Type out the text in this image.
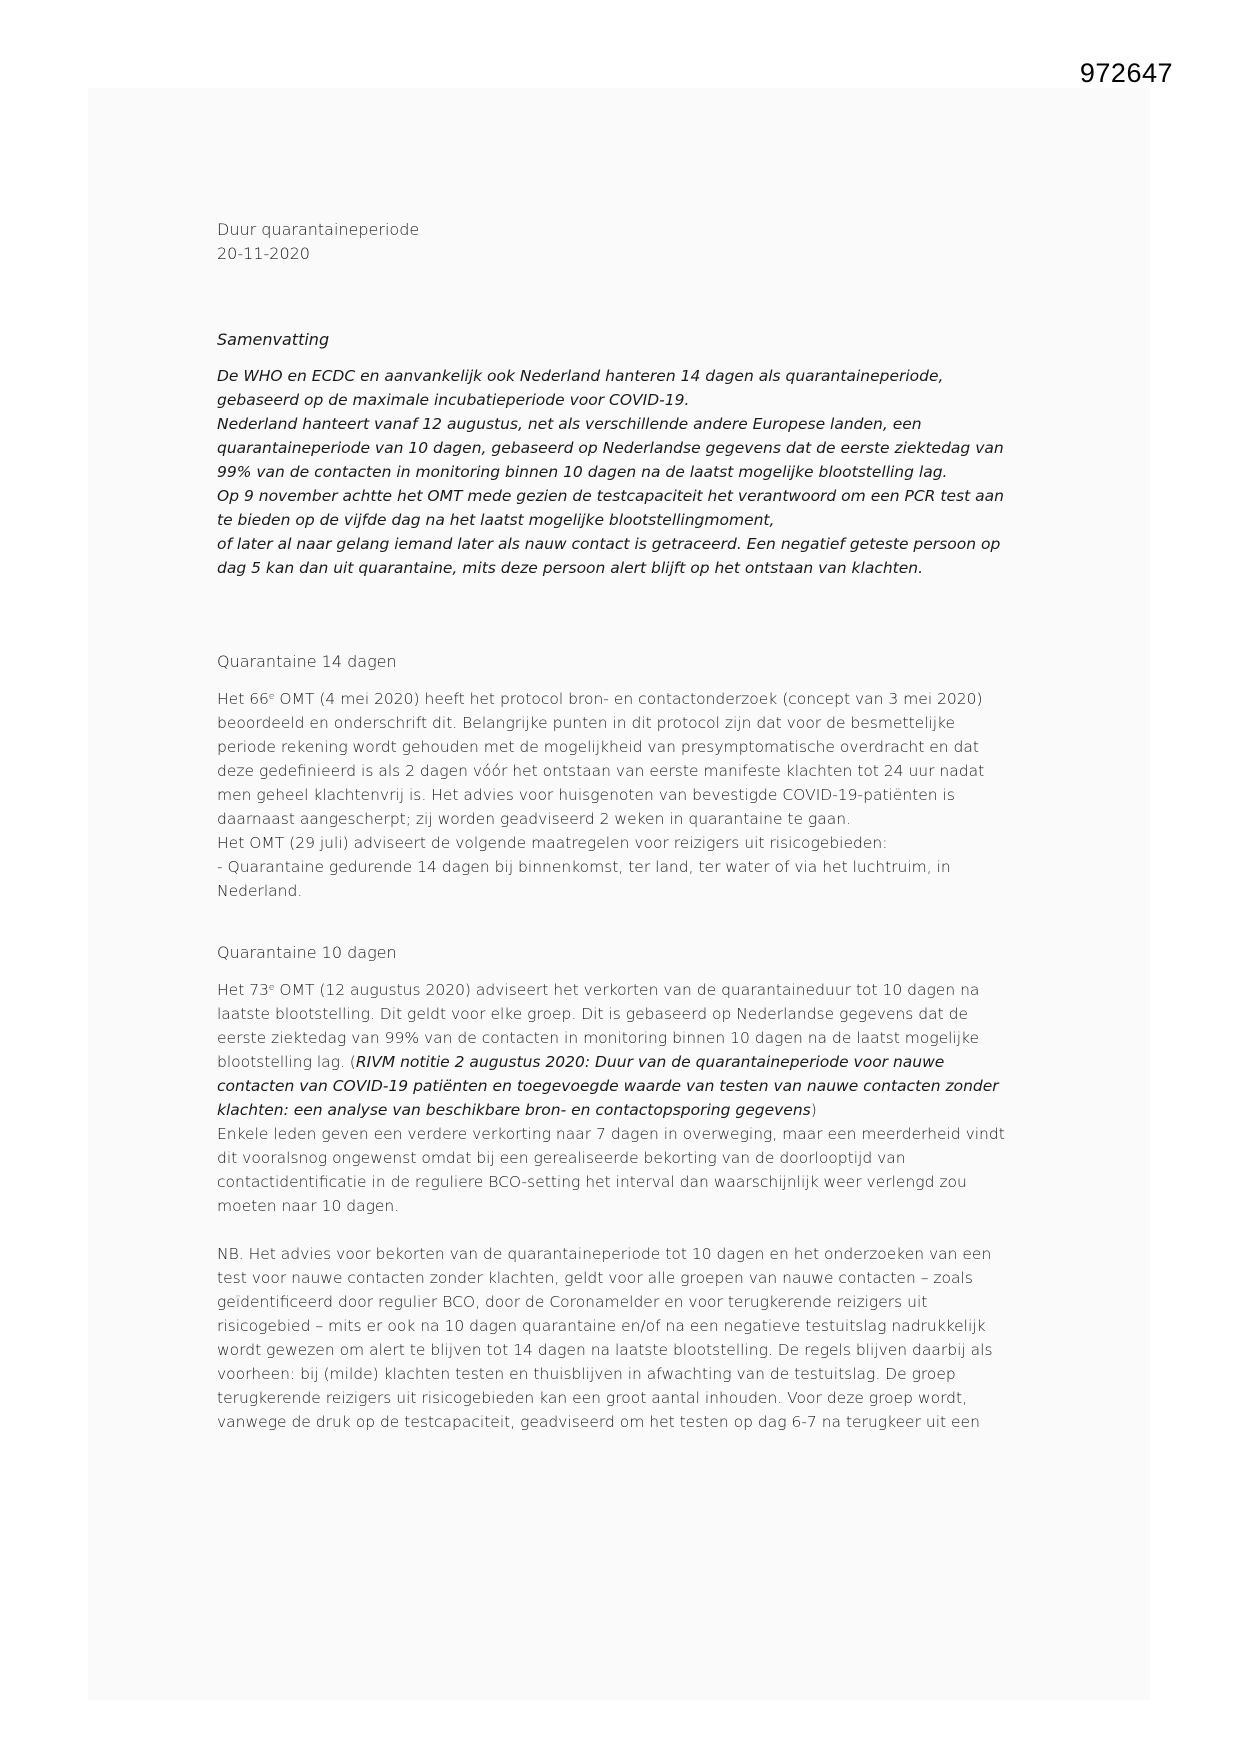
972647
Duur quarantaineperiode
20-11-2020
Samenvatting

De WHO en ECDC en aanvankelijk ook Nederland hanteren 14 dagen als quarantaineperiode, gebaseerd op de maximale incubatieperiode voor COVID-19.

Nederland hanteert vanaf 12 augustus, net als verschillende andere Europese landen, een quarantaineperiode van 10 dagen, gebaseerd op Nederlandse gegevens dat de eerste ziektedag van 99% van de contacten in monitoring binnen 10 dagen na de laatst mogelijke blootstelling lag.

Op 9 november achtte het OMT mede gezien de testcapaciteit het verantwoord om een PCR test aan te bieden op de vijfde dag na het laatst mogelijke blootstellingmoment,

of later al naar gelang iemand later als nauw contact is getraceerd. Een negatief geteste persoon op dag 5 kan dan uit quarantaine, mits deze persoon alert blijft op het ontstaan van klachten.

Quarantaine 14 dagen

Het 66e OMT (4 mei 2020) heeft het protocol bron- en contactonderzoek (concept van 3 mei 2020) beoordeeld en onderschrift dit. Belangrijke punten in dit protocol zijn dat voor de besmettelijke periode rekening wordt gehouden met de mogelijkheid van presymptomatische overdracht en dat deze gedefinieerd is als 2 dagen vóór het ontstaan van eerste manifeste klachten tot 24 uur nadat men geheel klachtenvrij is. Het advies voor huisgenoten van bevestigde COVID-19-patiënten is daarnaast aangescherpt; zij worden geadviseerd 2 weken in quarantaine te gaan.

Het OMT (29 juli) adviseert de volgende maatregelen voor reizigers uit risicogebieden:

- Quarantaine gedurende 14 dagen bij binnenkomst, ter land, ter water of via het luchtruim, in Nederland.

Quarantaine 10 dagen

Het 73e OMT (12 augustus 2020) adviseert het verkorten van de quarantaineduur tot 10 dagen na laatste blootstelling. Dit geldt voor elke groep. Dit is gebaseerd op Nederlandse gegevens dat de eerste ziektedag van 99% van de contacten in monitoring binnen 10 dagen na de laatst mogelijke blootstelling lag. (RIVM notitie 2 augustus 2020: Duur van de quarantaineperiode voor nauwe contacten van COVID-19 patiënten en toegevoegde waarde van testen van nauwe contacten zonder klachten: een analyse van beschikbare bron- en contactopsporing gegevens)

Enkele leden geven een verdere verkorting naar 7 dagen in overweging, maar een meerderheid vindt dit vooralsnog ongewenst omdat bij een gerealiseerde bekorting van de doorlooptijd van contactidentificatie in de reguliere BCO-setting het interval dan waarschijnlijk weer verlengd zou moeten naar 10 dagen.

NB. Het advies voor bekorten van de quarantaineperiode tot 10 dagen en het onderzoeken van een test voor nauwe contacten zonder klachten, geldt voor alle groepen van nauwe contacten – zoals geïdentificeerd door regulier BCO, door de Coronamelder en voor terugkerende reizigers uit risicogebied – mits er ook na 10 dagen quarantaine en/of na een negatieve testuitslag nadrukkelijk wordt gewezen om alert te blijven tot 14 dagen na laatste blootstelling. De regels blijven daarbij als voorheen: bij (milde) klachten testen en thuisblijven in afwachting van de testuitslag. De groep terugkerende reizigers uit risicogebieden kan een groot aantal inhouden. Voor deze groep wordt, vanwege de druk op de testcapaciteit, geadviseerd om het testen op dag 6-7 na terugkeer uit een
